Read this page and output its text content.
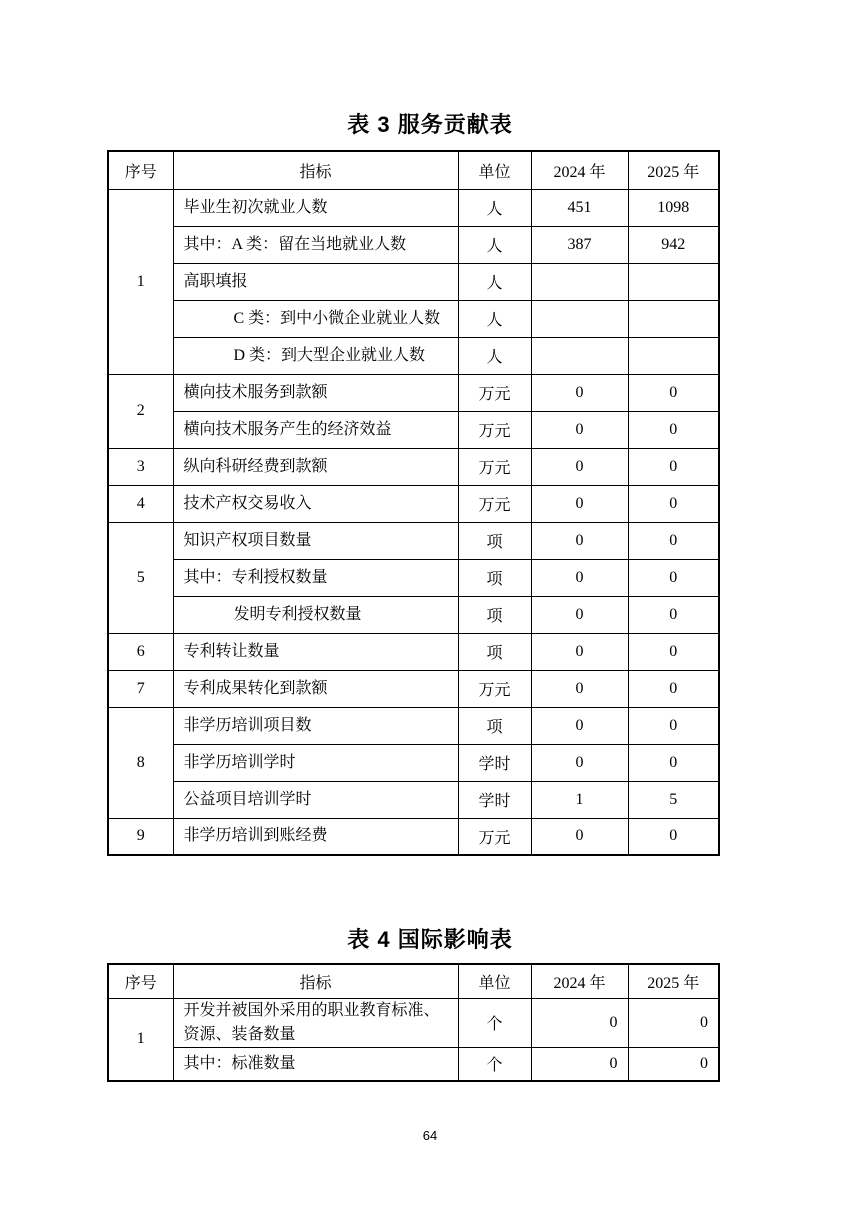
表 3 服务贡献表
序号	指标	单位	2024 年	2025 年
1	毕业生初次就业人数	人	451	1098
	其中：A 类：留在当地就业人数	人	387	942
	高职填报	人		
	C 类：到中小微企业就业人数	人		
	D 类：到大型企业就业人数	人		
2	横向技术服务到款额	万元	0	0
	横向技术服务产生的经济效益	万元	0	0
3	纵向科研经费到款额	万元	0	0
4	技术产权交易收入	万元	0	0
5	知识产权项目数量	项	0	0
	其中：专利授权数量	项	0	0
	发明专利授权数量	项	0	0
6	专利转让数量	项	0	0
7	专利成果转化到款额	万元	0	0
8	非学历培训项目数	项	0	0
	非学历培训学时	学时	0	0
	公益项目培训学时	学时	1	5
9	非学历培训到账经费	万元	0	0
表 4 国际影响表
序号	指标	单位	2024 年	2025 年
1	开发并被国外采用的职业教育标准、资源、装备数量	个	0	0
	其中：标准数量	个	0	0
64
